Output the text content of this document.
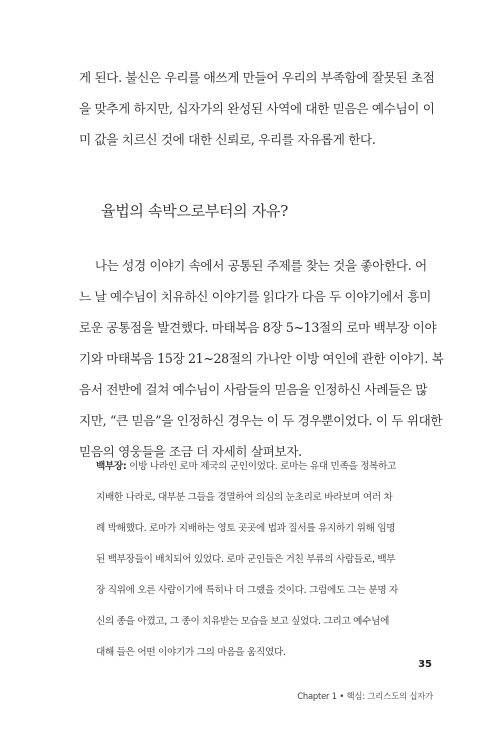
게 된다. 불신은 우리를 애쓰게 만들어 우리의 부족함에 잘못된 초점
을 맞추게 하지만, 십자가의 완성된 사역에 대한 믿음은 예수님이 이
미 값을 치르신 것에 대한 신뢰로, 우리를 자유롭게 한다.

율법의 속박으로부터의 자유?

　 나는 성경 이야기 속에서 공통된 주제를 찾는 것을 좋아한다. 어
느 날 예수님이 치유하신 이야기를 읽다가 다음 두 이야기에서 흥미
로운 공통점을 발견했다. 마태복음 8장 5~13절의 로마 백부장 이야
기와 마태복음 15장 21~28절의 가나안 이방 여인에 관한 이야기. 복
음서 전반에 걸쳐 예수님이 사람들의 믿음을 인정하신 사례들은 많
지만, “큰 믿음”을 인정하신 경우는 이 두 경우뿐이었다. 이 두 위대한
믿음의 영웅들을 조금 더 자세히 살펴보자.

백부장: 이방 나라인 로마 제국의 군인이었다. 로마는 유대 민족을 정복하고
지배한 나라로, 대부분 그들을 경멸하여 의심의 눈초리로 바라보며 여러 차
례 박해했다. 로마가 지배하는 영토 곳곳에 법과 질서를 유지하기 위해 임명
된 백부장들이 배치되어 있었다. 로마 군인들은 거친 부류의 사람들로, 백부
장 직위에 오른 사람이기에 특히나 더 그랬을 것이다. 그럼에도 그는 분명 자
신의 종을 아꼈고, 그 종이 치유받는 모습을 보고 싶었다. 그리고 예수님에
대해 들은 어떤 이야기가 그의 마음을 움직였다.
35
Chapter 1 • 핵심: 그리스도의 십자가
